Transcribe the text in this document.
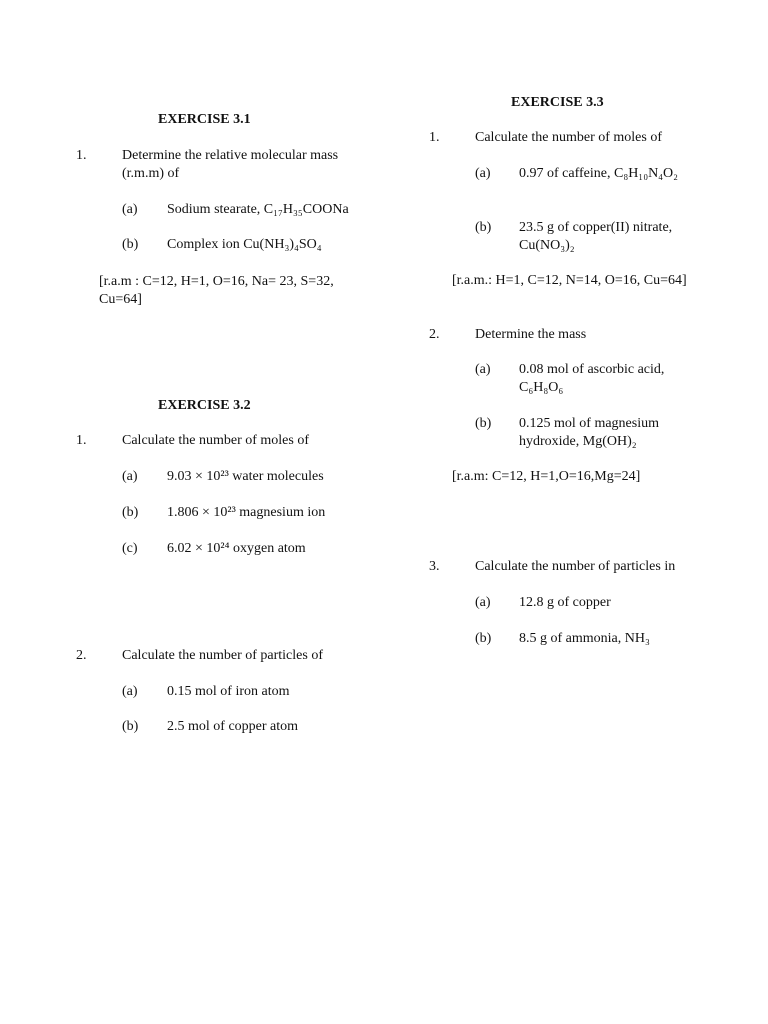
EXERCISE 3.1
1.	Determine the relative molecular mass
(r.m.m) of
(a) Sodium stearate, C₁₇H₃₅COONa
(b) Complex ion Cu(NH₃)₄SO₄
[r.a.m : C=12, H=1, O=16, Na= 23, S=32,
Cu=64]
EXERCISE 3.2
1.	Calculate the number of moles of
(a) 9.03 × 10²³ water molecules
(b) 1.806 × 10²³ magnesium ion
(c) 6.02 × 10²⁴ oxygen atom
2.	Calculate the number of particles of
(a) 0.15 mol of iron atom
(b) 2.5 mol of copper atom
EXERCISE 3.3
1.	Calculate the number of moles of
(a) 0.97 of caffeine, C₈H₁₀N₄O₂
(b) 23.5 g of copper(II) nitrate,
Cu(NO₃)₂
[r.a.m.: H=1, C=12, N=14, O=16, Cu=64]
2.	Determine the mass
(a) 0.08 mol of ascorbic acid,
C₆H₈O₆
(b) 0.125 mol of magnesium
hydroxide, Mg(OH)₂
[r.a.m: C=12, H=1,O=16,Mg=24]
3.	Calculate the number of particles in
(a) 12.8 g of copper
(b) 8.5 g of ammonia, NH₃
